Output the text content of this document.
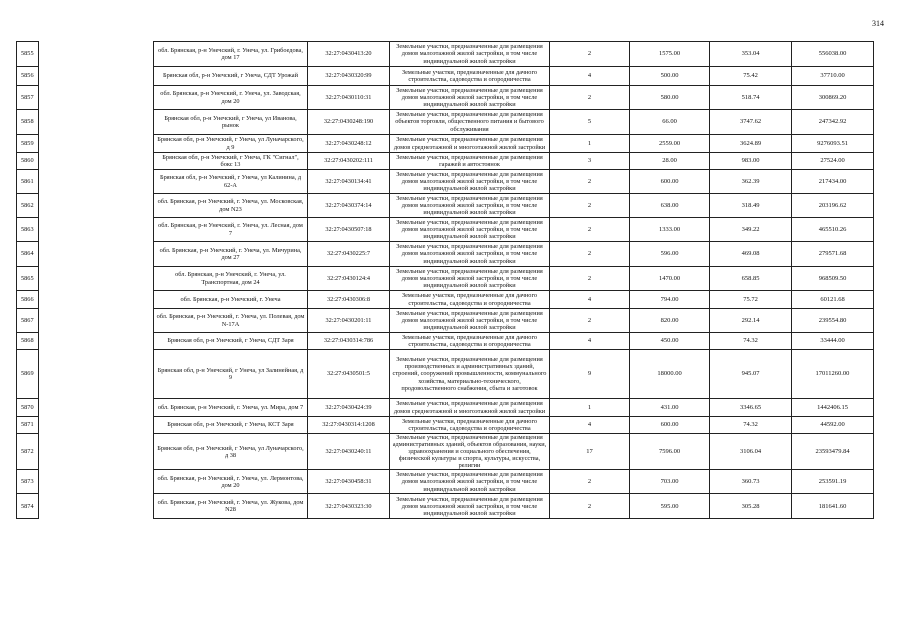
314
5855		обл. Брянская, р-н Унечский, г. Унеча, ул. Грибоедова, дом 17	32:27:0430413:20	Земельные участки, предназначенные для размещения домов малоэтажной жилой застройки, в том числе индивидуальной жилой застройки	2	1575.00	353.04	556038.00
5856		Брянская обл, р-н Унечский, г Унеча, СДТ Урожай	32:27:0430320:99	Земельные участки, предназначенные для дачного строительства, садоводства и огородничества	4	500.00	75.42	37710.00
5857		обл. Брянская, р-н Унечский, г. Унеча, ул. Заводская, дом 20	32:27:0430110:31	Земельные участки, предназначенные для размещения домов малоэтажной жилой застройки, в том числе индивидуальной жилой застройки	2	580.00	518.74	300869.20
5858		Брянская обл, р-н Унечский, г Унеча, ул Иванова, рынок	32:27:0430248:190	Земельные участки, предназначенные для размещения объектов торговли, общественного питания и бытового обслуживания	5	66.00	3747.62	247342.92
5859		Брянская обл, р-н Унечский, г Унеча, ул Луначарского, д 9	32:27:0430248:12	Земельные участки, предназначенные для размещения домов среднеэтажной и многоэтажной жилой застройки	1	2559.00	3624.89	9276093.51
5860		Брянская обл, р-н Унечский, г Унеча, ГК "Сигнал", бокс 13	32:27:0430202:111	Земельные участки, предназначенные для размещения гаражей и автостоянок	3	28.00	983.00	27524.00
5861		Брянская обл, р-н Унечский, г Унеча, ул Калинина, д 62-А	32:27:0430134:41	Земельные участки, предназначенные для размещения домов малоэтажной жилой застройки, в том числе индивидуальной жилой застройки	2	600.00	362.39	217434.00
5862		обл. Брянская, р-н Унечский, г. Унеча, ул. Московская, дом N23	32:27:0430374:14	Земельные участки, предназначенные для размещения домов малоэтажной жилой застройки, в том числе индивидуальной жилой застройки	2	638.00	318.49	203196.62
5863		обл. Брянская, р-н Унечский, г. Унеча, ул. Лесная, дом 7	32:27:0430507:18	Земельные участки, предназначенные для размещения домов малоэтажной жилой застройки, в том числе индивидуальной жилой застройки	2	1333.00	349.22	465510.26
5864		обл. Брянская, р-н Унечский, г. Унеча, ул. Мичурина, дом 27	32:27:0430225:7	Земельные участки, предназначенные для размещения домов малоэтажной жилой застройки, в том числе индивидуальной жилой застройки	2	596.00	469.08	279571.68
5865		обл. Брянская, р-н Унечский, г. Унеча, ул. Транспортная, дом 24	32:27:0430124:4	Земельные участки, предназначенные для размещения домов малоэтажной жилой застройки, в том числе индивидуальной жилой застройки	2	1470.00	658.85	968509.50
5866		обл. Брянская, р-н Унечский, г. Унеча	32:27:0430306:8	Земельные участки, предназначенные для дачного строительства, садоводства и огородничества	4	794.00	75.72	60121.68
5867		обл. Брянская, р-н Унечский, г. Унеча, ул. Полевая, дом N-17А	32:27:0430201:11	Земельные участки, предназначенные для размещения домов малоэтажной жилой застройки, в том числе индивидуальной жилой застройки	2	820.00	292.14	239554.80
5868		Брянская обл, р-н Унечский, г Унеча, СДТ Заря	32:27:0430314:786	Земельные участки, предназначенные для дачного строительства, садоводства и огородничества	4	450.00	74.32	33444.00
5869		Брянская обл, р-н Унечский, г Унеча, ул Залинейная, д 9	32:27:0430501:5	Земельные участки, предназначенные для размещения производственных и административных зданий, строений, сооружений промышленности, коммунального хозяйства, материально-технического, продовольственного снабжения, сбыта и заготовок	9	18000.00	945.07	17011260.00
5870		обл. Брянская, р-н Унечский, г. Унеча, ул. Мира, дом 7	32:27:0430424:39	Земельные участки, предназначенные для размещения домов среднеэтажной и многоэтажной жилой застройки	1	431.00	3346.65	1442406.15
5871		Брянская обл, р-н Унечский, г Унеча, КСТ Заря	32:27:0430314:1208	Земельные участки, предназначенные для дачного строительства, садоводства и огородничества	4	600.00	74.32	44592.00
5872		Брянская обл, р-н Унечский, г Унеча, ул Луначарского, д 38	32:27:0430240:11	Земельные участки, предназначенные для размещения административных зданий, объектов образования, науки, здравоохранения и социального обеспечения, физической культуры и спорта, культуры, искусства, религии	17	7596.00	3106.04	23593479.84
5873		обл. Брянская, р-н Унечский, г. Унеча, ул. Лермонтова, дом 20	32:27:0430458:31	Земельные участки, предназначенные для размещения домов малоэтажной жилой застройки, в том числе индивидуальной жилой застройки	2	703.00	360.73	253591.19
5874		обл. Брянская, р-н Унечский, г. Унеча, ул. Жукова, дом N28	32:27:0430323:30	Земельные участки, предназначенные для размещения домов малоэтажной жилой застройки, в том числе индивидуальной жилой застройки	2	595.00	305.28	181641.60
